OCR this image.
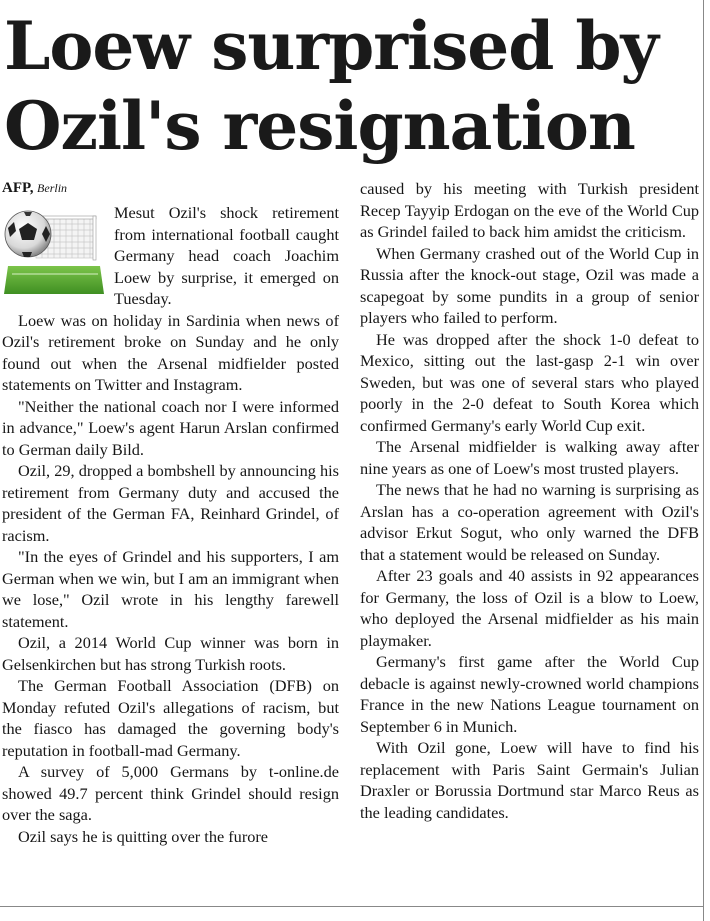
Loew surprised by Ozil's resignation

AFP, Berlin

Mesut Ozil's shock retirement from international football caught Germany head coach Joachim Loew by surprise, it emerged on Tuesday.

Loew was on holiday in Sardinia when news of Ozil's retirement broke on Sunday and he only found out when the Arsenal midfielder posted statements on Twitter and Instagram.

"Neither the national coach nor I were informed in advance," Loew's agent Harun Arslan confirmed to German daily Bild.

Ozil, 29, dropped a bombshell by announcing his retirement from Germany duty and accused the president of the German FA, Reinhard Grindel, of racism.

"In the eyes of Grindel and his supporters, I am German when we win, but I am an immigrant when we lose," Ozil wrote in his lengthy farewell statement.

Ozil, a 2014 World Cup winner was born in Gelsenkirchen but has strong Turkish roots.

The German Football Association (DFB) on Monday refuted Ozil's allegations of racism, but the fiasco has damaged the governing body's reputation in football-mad Germany.

A survey of 5,000 Germans by t-online.de showed 49.7 percent think Grindel should resign over the saga.

Ozil says he is quitting over the furore

caused by his meeting with Turkish president Recep Tayyip Erdogan on the eve of the World Cup as Grindel failed to back him amidst the criticism.

When Germany crashed out of the World Cup in Russia after the knock-out stage, Ozil was made a scapegoat by some pundits in a group of senior players who failed to perform.

He was dropped after the shock 1-0 defeat to Mexico, sitting out the last-gasp 2-1 win over Sweden, but was one of several stars who played poorly in the 2-0 defeat to South Korea which confirmed Germany's early World Cup exit.

The Arsenal midfielder is walking away after nine years as one of Loew's most trusted players.

The news that he had no warning is surprising as Arslan has a co-operation agreement with Ozil's advisor Erkut Sogut, who only warned the DFB that a statement would be released on Sunday.

After 23 goals and 40 assists in 92 appearances for Germany, the loss of Ozil is a blow to Loew, who deployed the Arsenal midfielder as his main playmaker.

Germany's first game after the World Cup debacle is against newly-crowned world champions France in the new Nations League tournament on September 6 in Munich.

With Ozil gone, Loew will have to find his replacement with Paris Saint Germain's Julian Draxler or Borussia Dortmund star Marco Reus as the leading candidates.
